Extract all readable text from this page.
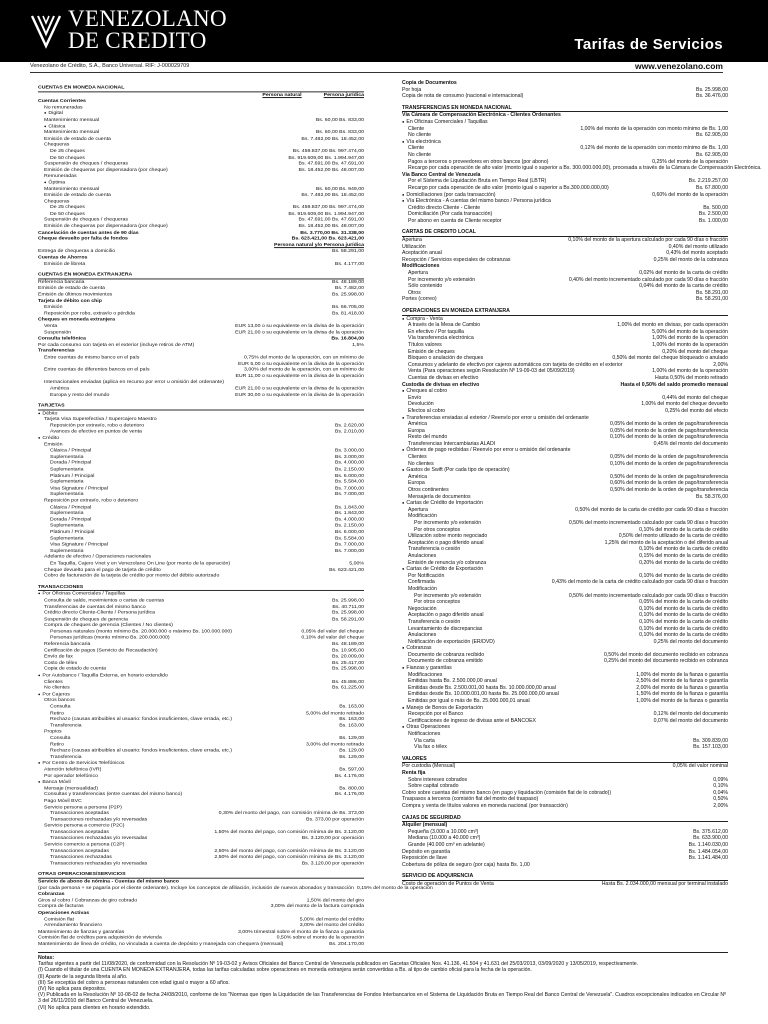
VENEZOLANO
DE CREDITO	Tarifas de Servicios
Venezolano de Crédito, S.A., Banco Universal. RIF: J-000029709	www.venezolano.com
CUENTAS EN MONEDA NACIONAL
Persona natural	Persona jurídica
Cuentas Corrientes
No remuneradas
● Digital
Mantenimiento mensual	Bs. 60,00 Bs. 833,00
● Clásica
Mantenimiento mensual	Bs. 60,00 Bs. 833,00
Emisión de estado de cuenta	Bs. 7.482,00 Bs. 18.452,00
Chequeras
De 25 cheques	Bs. 459.837,00 Bs. 997.474,00
De 50 cheques	Bs. 919.609,00 Bs. 1.994.947,00
Suspensión de cheques / chequeras	Bs. 47.691,00 Bs. 47.691,00
Emisión de chequeras por dispensadora (por cheque)	Bs. 18.452,00 Bs. 48.007,00
Remuneradas
● Óptima
Mantenimiento mensual	Bs. 60,00 Bs. 949,00
Emisión de estado de cuenta	Bs. 7.482,00 Bs. 18.452,00
Chequeras
De 25 cheques	Bs. 459.837,00 Bs. 997.474,00
De 50 cheques	Bs. 919.609,00 Bs. 1.994.947,00
Suspensión de cheques / chequeras	Bs. 47.691,00 Bs. 47.691,00
Emisión de chequeras por dispensadora (por cheque)	Bs. 18.452,00 Bs. 48.007,00
Cancelación de cuentas antes de 90 días	Bs. 3.770,00 Bs. 31.338,00
Cheque devuelto por falta de fondos	Bs. 623.421,00 Bs. 623.421,00
Persona natural y/o Persona jurídica
Entrega de chequeras a domicilio	Bs. 58.291,00
Cuentas de Ahorros
Emisión de libreta	Bs. 4.177,00
CUENTAS EN MONEDA EXTRANJERA
Referencia bancaria	Bs. 48.189,00
Emisión de estado de cuenta	Bs. 7.482,00
Emisión de últimos movimientos	Bs. 25.998,00
Tarjeta de débito con chip
Emisión	Bs. 66.705,00
Reposición por robo, extravío o pérdida	Bs. 81.418,00
Cheques en moneda extranjera
Venta	EUR 13,00 o su equivalente en la divisa de la operación
Suspensión	EUR 21,00 o su equivalente en la divisa de la operación
Consulta telefónica	Bs. 16.804,00
Por cada consumo con tarjeta en el exterior (incluye retiros de ATM)	1,5%
Transferencias
Entre cuentas de mismo banco en el país	0,75% del monto de la operación, con un mínimo de
EUR 5,00 o su equivalente en la divisa de la operación
Entre cuentas de diferentes bancos en el país	3,00% del monto de la operación, con un mínimo de
EUR 11,00 o su equivalente en la divisa de la operación
Internacionales enviadas (aplica en recurso por error u omisión del ordenante)
América	EUR 21,00 o su equivalente en la divisa de la operación
Europa y resto del mundo	EUR 30,00 o su equivalente en la divisa de la operación
TARJETAS
● Débito
Tarjeta Visa Superefectiva / Supercajero Maestro
Reposición por extravío, robo o deterioro	Bs. 2.620,00
Avances de efectivo en puntos de venta	Bs. 2.010,00
● Crédito
Emisión
Clásica / Principal	Bs. 3.000,00
Suplementaria	Bs. 3.000,00
Dorada / Principal	Bs. 4.000,00
Suplementaria	Bs. 2.150,00
Platinum / Principal	Bs. 6.000,00
Suplementaria	Bs. 5.584,00
Visa Signature / Principal	Bs. 7.000,00
Suplementaria	Bs. 7.000,00
Reposición por extravío, robo o deterioro
Clásica / Principal	Bs. 1.843,00
Suplementaria	Bs. 1.843,00
Dorada / Principal	Bs. 4.000,00
Suplementaria	Bs. 2.150,00
Platinum / Principal	Bs. 6.000,00
Suplementaria	Bs. 5.584,00
Visa Signature / Principal	Bs. 7.000,00
Suplementaria	Bs. 7.000,00
Adelanto de efectivo / Operaciones nacionales
En Taquilla, Cajero Vnet y en Venezolano On Line (por monto de la operación)	5,00%
Cheque devuelto para el pago de tarjeta de crédito	Bs. 623.421,00
Cobro de facturación de la tarjeta de crédito por monto del débito autorizado
TRANSACCIONES
● Por Oficinas Comerciales / Taquillas
Consulta de saldo, movimientos o cartas de cuentas	Bs. 25.998,00
Transferencias de cuentas del mismo banco	Bs. 40.711,00
Crédito directo Cliente-Cliente / Persona jurídica	Bs. 25.998,00
Suspensión de cheques de gerencia	Bs. 58.291,00
Compra de cheques de gerencia (Clientes / No clientes)
Personas naturales (monto mínimo Bs. 20.000.000 o máximo Bs. 100.000.000)	0,05% del valor del cheque
Personas jurídicas (monto mínimo Bs. 200.000.000)	0,10% del valor del cheque
Referencia bancaria	Bs. 48.189,00
Certificación de pagos (Servicio de Recaudación)	Bs. 10.905,00
Envío de fax	Bs. 20.009,00
Costo de télex	Bs. 25.417,00
Copia de estado de cuenta	Bs. 25.998,00
● Por Autobanco / Taquilla Externa, en horario extendido
Clientes	Bs. 45.886,00
No clientes	Bs. 61.225,00
● Por Cajeros
Otros bancos
Consulta	Bs. 163,00
Retiro	5,00% del monto retirado
Rechazo (causas atribuibles al usuario: fondos insuficientes, clave errada, etc.)	Bs. 163,00
Transferencia	Bs. 163,00
Propios
Consulta	Bs. 129,00
Retiro	3,00% del monto retirado
Rechazo (causas atribuibles al usuario: fondos insuficientes, clave errada, etc.)	Bs. 129,00
Transferencia	Bs. 129,00
● Por Centro de Servicios Telefónicos
Atención telefónica (IVR)	Bs. 597,00
Por operador telefónico	Bs. 4.176,00
● Banca Móvil
Mensaje (mensualidad)	Bs. 800,00
Consultas y transferencias (entre cuentas del mismo banco)	Bs. 4.176,00
Pago Móvil BVC
Servicio persona a persona (P2P)
Transacciones aceptadas	0,30% del monto del pago, con comisión mínima de Bs. 373,00
Transacciones rechazadas y/o reversadas	Bs. 373,00 por operación
Servicio persona a comercio (P2C)
Transacciones aceptadas	1,50% del monto del pago, con comisión mínima de Bs. 3.120,00
Transacciones rechazadas y/o reversadas	Bs. 3.120,00 por operación
Servicio comercio a persona (C2P)
Transacciones aceptadas	2,50% del monto del pago, con comisión mínima de Bs. 3.120,00
Transacciones rechazadas	2,50% del monto del pago, con comisión mínima de Bs. 3.120,00
Transacciones rechazadas y/o reversadas	Bs. 3.120,00 por operación
OTRAS OPERACIONES/SERVICIOS
Servicio de abono de nómina - Cuentas del mismo banco
(por cada persona + se pagaría por el cliente ordenante). Incluye los conceptos de afiliación, inclusión de nuevos abonados y transacción 0,15% del monto de la operación
Cobranzas
Giros al cobro / Cobranzas de giro cobrado	1,50% del monto del giro
Compra de facturas	3,00% del monto de la factura comprada
Operaciones Activas
Comisión flat	5,00% del monto del crédito
Arrendamiento financiero	3,00% del monto del crédito
Mantenimiento de fianzas y garantías	3,00% trimestral sobre el monto de la fianza o garantía
Comisión flat de créditos para adquisición de vivienda	0,50% sobre el monto de la operación
Mantenimiento de línea de crédito, no vinculada a cuenta de depósito y manejada con chequera (mensual)	Bs. 204.170,00
Copia de Documentos
Por hoja	Bs. 25.998,00
Copia de nota de consumo (nacional e internacional)	Bs. 36.476,00
TRANSFERENCIAS EN MONEDA NACIONAL
Vía Cámara de Compensación Electrónica - Clientes Ordenantes
● En Oficinas Comerciales / Taquillas
Cliente	1,00% del monto de la operación con monto mínimo de Bs. 1,00
No cliente	Bs. 62.905,00
● Vía electrónica
Cliente	0,12% del monto de la operación con monto mínimo de Bs. 1,00
No cliente	Bs. 62.905,00
Pagos a terceros o proveedores en otros bancos (por abono)	0,25% del monto de la operación
Recargo por cada operación de alto valor (monto igual o superior a Bs. 300.000.000,00), procesada a través de la Cámara de Compensación Electrónica.
Vía Banco Central de Venezuela
Por el Sistema de Liquidación Bruta en Tiempo Real (LBTR)	Bs. 2.219.257,00
Recargo por cada operación de alto valor (monto igual o superior a Bs.300.000.000,00)	Bs. 67.800,00
● Domiciliaciones (por cada transacción)	0,60% del monto de la operación
● Vía Electrónica - A cuentas del mismo banco / Persona jurídica
Crédito directo Cliente - Cliente	Bs. 500,00
Domiciliación (Por cada transacción)	Bs. 2.500,00
Por abono en cuenta de Cliente receptor	Bs. 1.000,00
CARTAS DE CREDITO LOCAL
Apertura	0,10% del monto de la apertura calculado por cada 90 días o fracción
Utilización	0,40% del monto utilizado
Aceptación anual	0,43% del monto aceptado
Recepción / Servicios especiales de cobranzas	0,25% del monto de la cobranza
Modificaciones
Apertura	0,02% del monto de la carta de crédito
Por incremento y/o extensión	0,40% del monto incrementado calculado por cada 90 días o fracción
Sólo contenido	0,04% del monto de la carta de crédito
Otros	Bs. 58.291,00
Portes (correo)	Bs. 58.291,00
OPERACIONES EN MONEDA EXTRANJERA
● Compra - Venta
A través de la Mesa de Cambio	1,00% del monto en divisas, por cada operación
En efectivo / Por taquilla	5,00% del monto de la operación
Vía transferencia electrónica	1,00% del monto de la operación
Títulos valores	1,00% del monto de la operación
Emisión de cheques	0,20% del monto del cheque
Bloqueo o anulación de cheques	0,50% del monto del cheque bloqueado o anulado
Consumos y adelanto de efectivo por cajeros automáticos con tarjeta de crédito en el exterior	2,00%
Venta (Para operaciones según Resolución Nº 19-09-03 del 05/09/2019)	1,00% del monto de la operación
Cuentas de divisas en efectivo	Hasta 0,50% del monto retirado
Custodia de divisas en efectivo	Hasta el 0,50% del saldo promedio mensual
● Cheques al cobro
Envío	0,44% del monto del cheque
Devolución	1,00% del monto del cheque devuelto
Efectos al cobro	0,25% del monto del efecto
● Transferencias enviadas al exterior / Reenvío por error u omisión del ordenante
América	0,05% del monto de la orden de pago/transferencia
Europa	0,05% del monto de la orden de pago/transferencia
Resto del mundo	0,10% del monto de la orden de pago/transferencia
Transferencias Intercambiarias ALADI	0,45% del monto del documento
● Órdenes de pago recibidas / Reenvío por error u omisión del ordenante
Clientes	0,05% del monto de la orden de pago/transferencia
No clientes	0,10% del monto de la orden de pago/transferencia
● Gastos de Swift (Por cada tipo de operación)
América	0,50% del monto de la orden de pago/transferencia
Europa	0,60% del monto de la orden de pago/transferencia
Otros continentes	0,50% del monto de la orden de pago/transferencia
Mensajería de documentos	Bs. 58.376,00
● Cartas de Crédito de Importación
Apertura	0,50% del monto de la carta de crédito por cada 90 días o fracción
Modificación
Por incremento y/o extensión	0,50% del monto incrementado calculado por cada 90 días o fracción
Por otros conceptos	0,10% del monto de la carta de crédito
Utilización sobre monto negociado	0,50% del monto utilizado de la carta de crédito
Aceptación o pago diferido anual	1,25% del monto de la aceptación o del diferido anual
Transferencia o cesión	0,10% del monto de la carta de crédito
Anulaciones	0,15% del monto de la carta de crédito
Emisión de renuncia y/o cobranza	0,20% del monto de la carta de crédito
● Cartas de Crédito de Exportación
Por Notificación	0,10% del monto de la carta de crédito
Confirmada	0,43% del monto de la carta de crédito calculado por cada 90 días o fracción
Modificación
Por incremento y/o extensión	0,50% del monto incrementado calculado por cada 90 días o fracción
Por otros conceptos	0,05% del monto de la carta de crédito
Negociación	0,10% del monto de la carta de crédito
Aceptación o pago diferido anual	0,10% del monto de la carta de crédito
Transferencia o cesión	0,10% del monto de la carta de crédito
Levantamiento de discrepancias	0,10% del monto de la carta de crédito
Anulaciones	0,10% del monto de la carta de crédito
Notificación de exportación (ER/DVD)	0,25% del monto del documento
● Cobranzas
Documento de cobranza recibido	0,50% del monto del documento recibido en cobranza
Documento de cobranza emitido	0,25% del monto del documento recibido en cobranza
● Fianzas y garantías
Modificaciones	1,00% del monto de la fianza o garantía
Emitidas hasta Bs. 2.500.000,00 anual	2,50% del monto de la fianza o garantía
Emitidas desde Bs. 2.500.001,00 hasta Bs. 10.000.000,00 anual	2,00% del monto de la fianza o garantía
Emitidas desde Bs. 10.000.001,00 hasta Bs. 25.000.000,00 anual	1,50% del monto de la fianza o garantía
Emitidas por igual o más de Bs. 25.000.000,01 anual	1,00% del monto de la fianza o garantía
● Manejo de Bonos de Exportación
Recepción por el Banco	0,12% del monto del documento
Certificaciones de ingreso de divisas ante el BANCOEX	0,07% del monto del documento
● Otras Operaciones
Notificaciones
Vía carta	Bs. 309.839,00
Vía fax o télex	Bs. 157.103,00
VALORES
Por custodia (Mensual)	0,05% del valor nominal
Renta fija
Sobre intereses cobrados	0,09%
Sobre capital cobrado	0,10%
Cobro sobre cuentas del mismo banco (en pago y liquidación (comisión flat de lo cobrado))	0,04%
Traspasos a terceros (comisión flat del monto del traspaso)	0,50%
Compra y venta de títulos valores en moneda nacional (por transacción)	2,00%
CAJAS DE SEGURIDAD
Alquiler (mensual)
Pequeña (3.000 a 10.000 cm³)	Bs. 375.612,00
Mediana (10.000 a 40.000 cm³)	Bs. 633.900,00
Grande (40.000 cm³ en adelante)	Bs. 1.140.030,00
Depósito en garantía	Bs. 1.484.054,00
Reposición de llave	Bs. 1.141.484,00
Cobertura de póliza de seguro (por caja) hasta Bs. 1,00
SERVICIO DE ADQUIRENCIA
Costo de operación de Puntos de Venta	Hasta Bs. 2.034.000,00 mensual por terminal instalado
Notas:
Tarifas vigentes a partir del 11/08/2020, de conformidad con la Resolución Nº 19-03-02 y Avisos Oficiales del Banco Central de Venezuela publicados en Gacetas Oficiales Nos. 41.136, 41.504 y 41.631 del 25/03/2013, 03/09/2020 y 13/05/2019, respectivamente.
(I) Cuando el titular de una CUENTA EN MONEDA EXTRANJERA, todas las tarifas calculadas sobre operaciones en moneda extranjera serán convertidas a Bs. al tipo de cambio oficial para la fecha de la operación.
(II) Aparte de la segunda libreta al año.
(III) Se exceptúa del cobro a personas naturales con edad igual o mayor a 60 años.
(IV) No aplica para depositos.
(V) Publicada en la Resolución Nº 10-08-02 de fecha 24/08/2010, conforme de los "Normas que rigen la Liquidación de las Transferencias de Fondos Interbancarios en el Sistema de Liquidación Bruta en Tiempo Real del Banco Central de Venezuela". Cuadros excepcionales indicados en Circular Nº 3 del 26/11/2010 del Banco Central de Venezuela.
(VI) No aplica para clientes en horario extendido.
